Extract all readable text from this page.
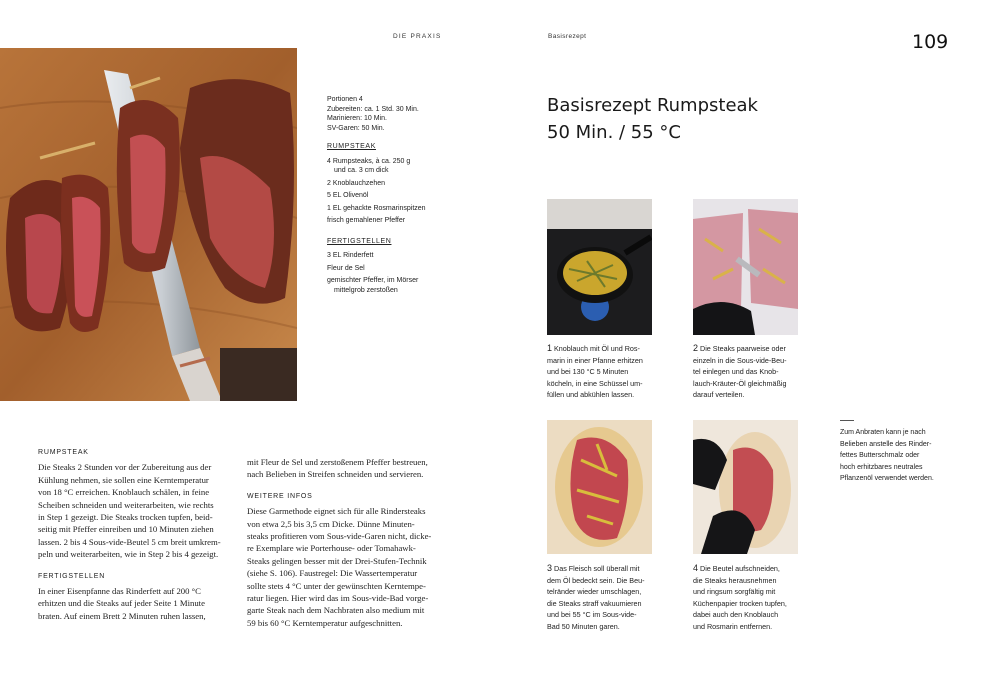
DIE PRAXIS	Basisrezept	109
Portionen 4
Zubereiten: ca. 1 Std. 30 Min.
Marinieren: 10 Min.
SV-Garen: 50 Min.
RUMPSTEAK
4 Rumpsteaks, à ca. 250 g
und ca. 3 cm dick
2 Knoblauchzehen
5 EL Olivenöl
1 EL gehackte Rosmarinspitzen
frisch gemahlener Pfeffer
FERTIGSTELLEN
3 EL Rinderfett
Fleur de Sel
gemischter Pfeffer, im Mörser
mittelgrob zerstoßen
Basisrezept Rumpsteak
50 Min. / 55 °C
1 Knoblauch mit Öl und Ros-
marin in einer Pfanne erhitzen
und bei 130 °C 5 Minuten
köcheln, in eine Schüssel um-
füllen und abkühlen lassen.
2 Die Steaks paarweise oder
einzeln in die Sous-vide-Beu-
tel einlegen und das Knob-
lauch-Kräuter-Öl gleichmäßig
darauf verteilen.
3 Das Fleisch soll überall mit
dem Öl bedeckt sein. Die Beu-
telränder wieder umschlagen,
die Steaks straff vakuumieren
und bei 55 °C im Sous-vide-
Bad 50 Minuten garen.
4 Die Beutel aufschneiden,
die Steaks herausnehmen
und ringsum sorgfältig mit
Küchenpapier trocken tupfen,
dabei auch den Knoblauch
und Rosmarin entfernen.
Zum Anbraten kann je nach
Belieben anstelle des Rinder-
fettes Butterschmalz oder
hoch erhitzbares neutrales
Pflanzenöl verwendet werden.
RUMPSTEAK
Die Steaks 2 Stunden vor der Zubereitung aus der
Kühlung nehmen, sie sollen eine Kerntemperatur
von 18 °C erreichen. Knoblauch schälen, in feine
Scheiben schneiden und weiterarbeiten, wie rechts
in Step 1 gezeigt. Die Steaks trocken tupfen, beid-
seitig mit Pfeffer einreiben und 10 Minuten ziehen
lassen. 2 bis 4 Sous-vide-Beutel 5 cm breit umkrem-
peln und weiterarbeiten, wie in Step 2 bis 4 gezeigt.
FERTIGSTELLEN
In einer Eisenpfanne das Rinderfett auf 200 °C
erhitzen und die Steaks auf jeder Seite 1 Minute
braten. Auf einem Brett 2 Minuten ruhen lassen,
mit Fleur de Sel und zerstoßenem Pfeffer bestreuen,
nach Belieben in Streifen schneiden und servieren.
WEITERE INFOS
Diese Garmethode eignet sich für alle Rindersteaks
von etwa 2,5 bis 3,5 cm Dicke. Dünne Minuten-
steaks profitieren vom Sous-vide-Garen nicht, dicke-
re Exemplare wie Porterhouse- oder Tomahawk-
Steaks gelingen besser mit der Drei-Stufen-Technik
(siehe S. 106). Faustregel: Die Wassertemperatur
sollte stets 4 °C unter der gewünschten Kerntempe-
ratur liegen. Hier wird das im Sous-vide-Bad vorge-
garte Steak nach dem Nachbraten also medium mit
59 bis 60 °C Kerntemperatur aufgeschnitten.
